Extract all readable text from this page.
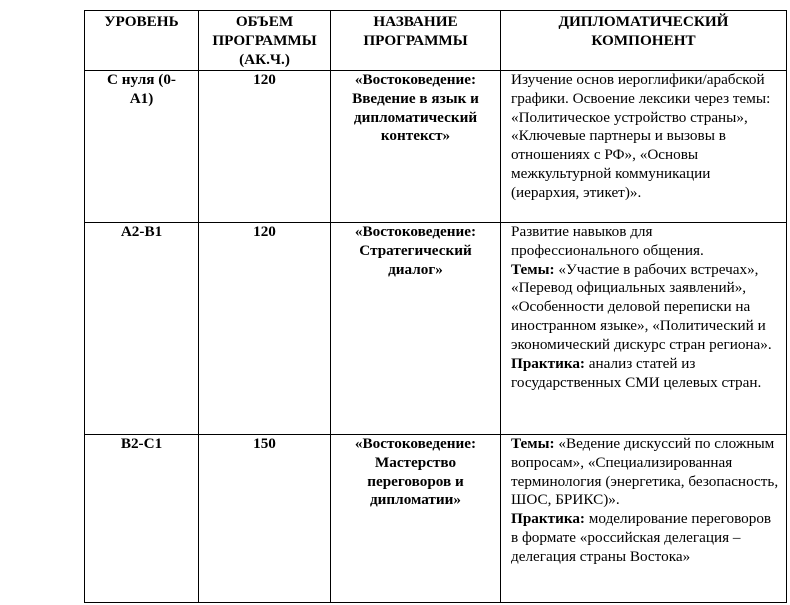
УРОВЕНЬ	ОБЪЕМ ПРОГРАММЫ (АК.Ч.)	НАЗВАНИЕ ПРОГРАММЫ	ДИПЛОМАТИЧЕСКИЙ КОМПОНЕНТ
С нуля (0-А1)	120	«Востоковедение: Введение в язык и дипломатический контекст»	Изучение основ иероглифики/арабской графики. Освоение лексики через темы: «Политическое устройство страны», «Ключевые партнеры и вызовы в отношениях с РФ», «Основы межкультурной коммуникации (иерархия, этикет)».
А2-В1	120	«Востоковедение: Стратегический диалог»	Развитие навыков для профессионального общения.
Темы: «Участие в рабочих встречах», «Перевод официальных заявлений», «Особенности деловой переписки на иностранном языке», «Политический и экономический дискурс стран региона».
Практика: анализ статей из государственных СМИ целевых стран.

В2-С1	150	«Востоковедение: Мастерство переговоров и дипломатии»	Темы: «Ведение дискуссий по сложным вопросам», «Специализированная терминология (энергетика, безопасность, ШОС, БРИКС)».
Практика: моделирование переговоров в формате «российская делегация – делегация страны Востока»
